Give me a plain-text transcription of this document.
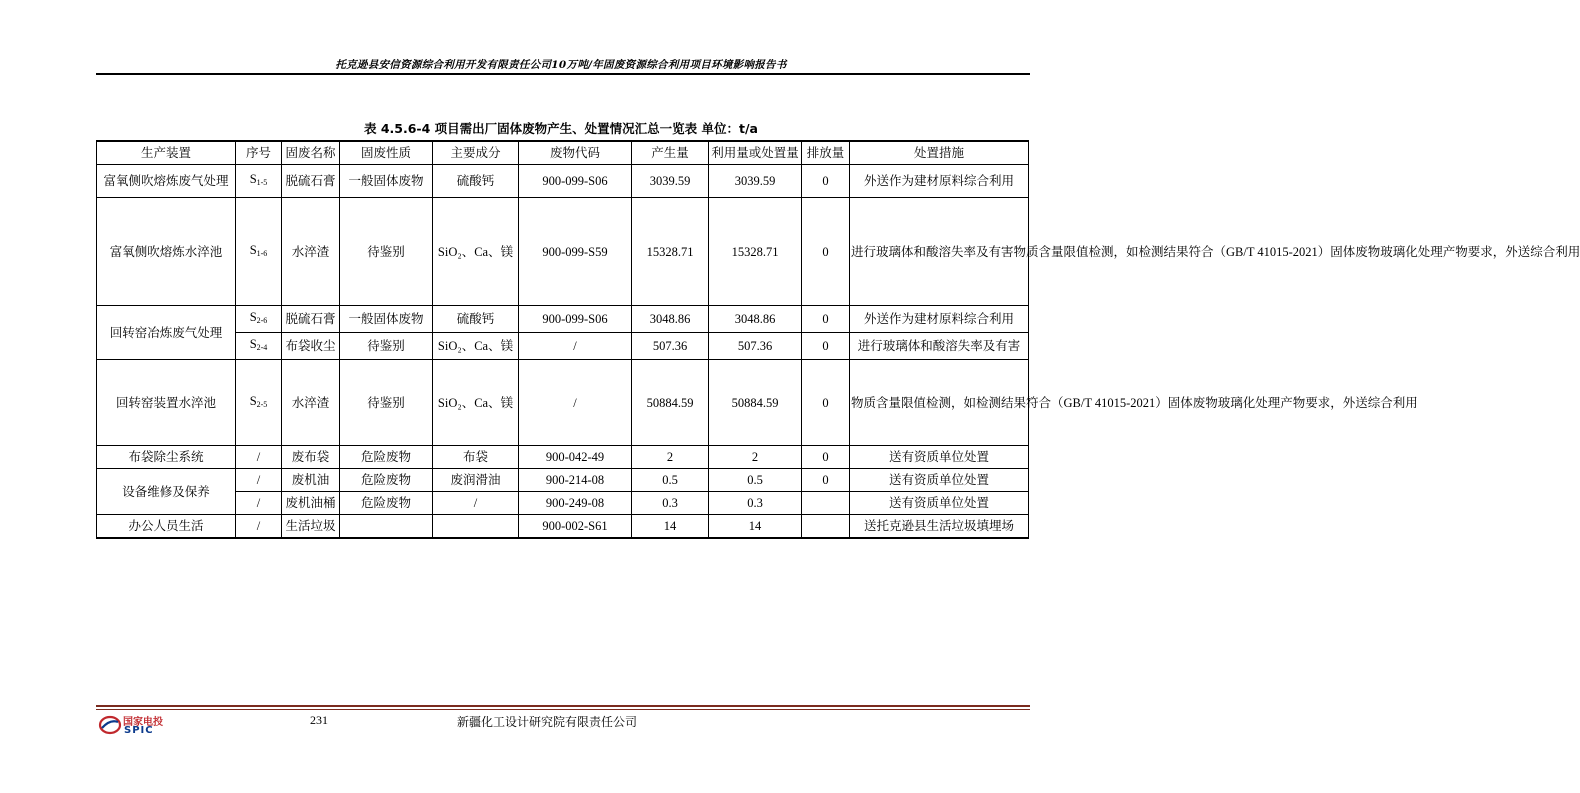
托克逊县安信资源综合利用开发有限责任公司10万吨/年固废资源综合利用项目环境影响报告书
表 4.5.6-4 项目需出厂固体废物产生、处置情况汇总一览表 单位：t/a
生产装置	序号	固废名称	固废性质	主要成分	废物代码	产生量	利用量或处置量	排放量	处置措施
富氧侧吹熔炼废气处理	$S_{1-5}$	脱硫石膏	一般固体废物	硫酸钙	900-099-S06	3039.59	3039.59	0	外送作为建材原料综合利用
富氧侧吹熔炼水淬池	$S_{1-6}$	水淬渣	待鉴别	SiO₂、Ca、镁	900-099-S59	15328.71	15328.71	0	进行玻璃体和酸溶失率及有害物质含量限值检测，如检测结果符合（GB/T 41015-2021）固体废物玻璃化处理产物要求，外送综合利用
回转窑冶炼废气处理	$S_{2-6}$	脱硫石膏	一般固体废物	硫酸钙	900-099-S06	3048.86	3048.86	0	外送作为建材原料综合利用
	$S_{2-4}$	布袋收尘	待鉴别	SiO₂、Ca、镁	/	507.36	507.36	0	进行玻璃体和酸溶失率及有害
回转窑装置水淬池	$S_{2-5}$	水淬渣	待鉴别	SiO₂、Ca、镁	/	50884.59	50884.59	0	物质含量限值检测，如检测结果符合（GB/T 41015-2021）固体废物玻璃化处理产物要求，外送综合利用
布袋除尘系统	/	废布袋	危险废物	布袋	900-042-49	2	2	0	送有资质单位处置
设备维修及保养	/	废机油	危险废物	废润滑油	900-214-08	0.5	0.5	0	送有资质单位处置
	/	废机油桶	危险废物	/	900-249-08	0.3	0.3		送有资质单位处置
办公人员生活	/	生活垃圾			900-002-S61	14	14		送托克逊县生活垃圾填埋场
国家电投
SPIC
231	新疆化工设计研究院有限责任公司
